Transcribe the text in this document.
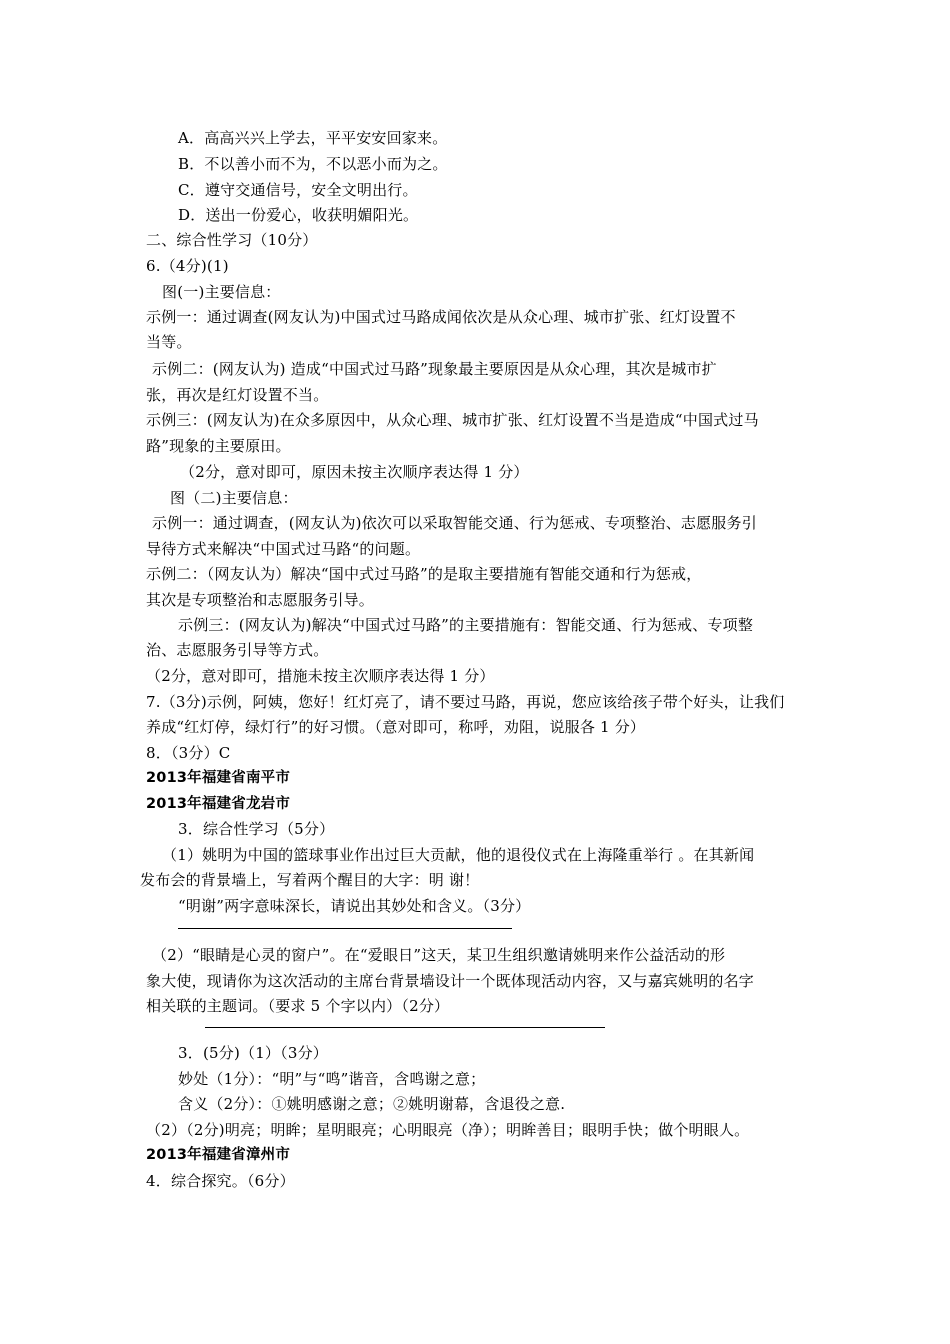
A．高高兴兴上学去，平平安安回家来。
B．不以善小而不为，不以恶小而为之。
C．遵守交通信号，安全文明出行。
D．送出一份爱心，收获明媚阳光。
二、综合性学习（10分）
6.（4分)(1)
图(一)主要信息：
示例一：通过调查(网友认为)中国式过马路成闻依次是从众心理、城市扩张、红灯设置不
当等。
示例二：(网友认为) 造成“中国式过马路”现象最主要原因是从众心理，其次是城市扩
张，再次是红灯设置不当。
示例三：(网友认为)在众多原因中，从众心理、城市扩张、红灯设置不当是造成“中国式过马
路”现象的主要原田。
（2分，意对即可，原因未按主次顺序表达得 1 分）
图（二)主要信息：
示例一：通过调查，(网友认为)依次可以采取智能交通、行为惩戒、专项整治、志愿服务引
导待方式来解决“中国式过马路“的问题。
示例二：（网友认为）解决“国中式过马路”的是取主要措施有智能交通和行为惩戒，
其次是专项整治和志愿服务引导。
示例三：(网友认为)解决“中国式过马路”的主要措施有：智能交通、行为惩戒、专项整
治、志愿服务引导等方式。
（2分，意对即可，措施未按主次顺序表达得 1 分）
7.（3分)示例，阿姨，您好！红灯亮了，请不要过马路，再说，您应该给孩子带个好头，让我们
养成“红灯停，绿灯行”的好习惯。（意对即可，称呼，劝阻，说服各 1 分）
8．（3分）C
2013年福建省南平市
2013年福建省龙岩市
3．综合性学习（5分）
（1）姚明为中国的篮球事业作出过巨大贡献，他的退役仪式在上海隆重举行 。在其新闻
发布会的背景墙上，写着两个醒目的大字：明 谢！
“明谢”两字意味深长，请说出其妙处和含义。（3分）
（2）“眼睛是心灵的窗户”。在“爱眼日”这天，某卫生组织邀请姚明来作公益活动的形
象大使，现请你为这次活动的主席台背景墙设计一个既体现活动内容，又与嘉宾姚明的名字
相关联的主题词。（要求 5 个字以内）（2分）
3．(5分)（1）（3分）
妙处（1分）：“明”与“鸣”谐音，含鸣谢之意；
含义（2分）：①姚明感谢之意；②姚明谢幕，含退役之意.
（2）（2分)明亮；明眸；星明眼亮；心明眼亮（净）；明眸善目；眼明手快；做个明眼人。
2013年福建省漳州市
4．综合探究。（6分）
